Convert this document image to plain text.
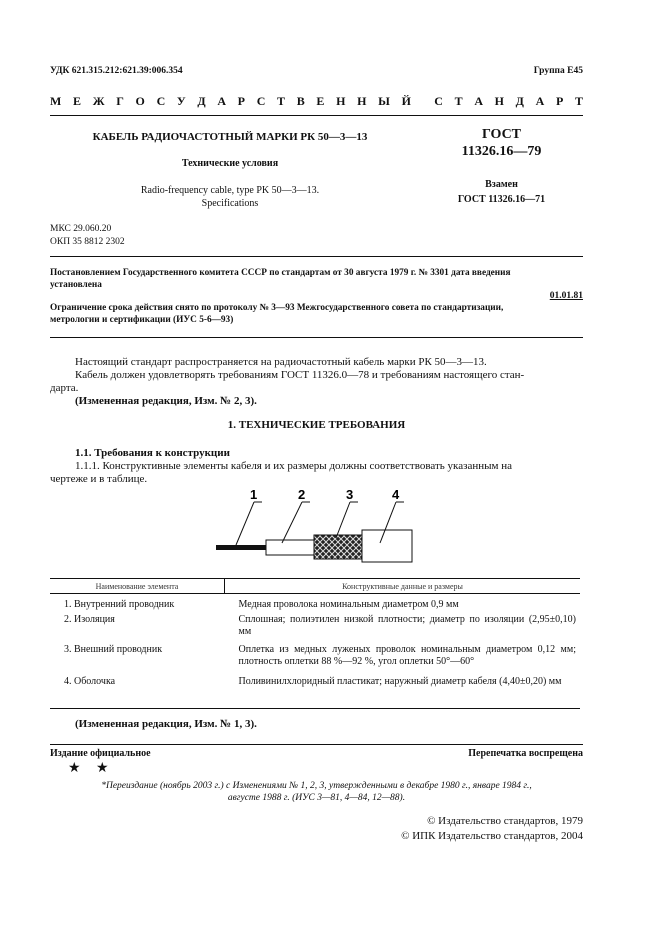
УДК 621.315.212:621.39:006.354	Группа Е45
М Е Ж Г О С У Д А Р С Т В Е Н Н Ы Й С Т А Н Д А Р Т
КАБЕЛЬ РАДИОЧАСТОТНЫЙ МАРКИ РК 50—3—13
Технические условия
Radio-frequency cable, type PK 50—3—13.
Specifications
ГОСТ
11326.16—79
Взамен
ГОСТ 11326.16—71
МКС 29.060.20
ОКП 35 8812 2302
Постановлением Государственного комитета СССР по стандартам от 30 августа 1979 г. № 3301 дата введения
установлена
01.01.81
Ограничение срока действия снято по протоколу № 3—93 Межгосударственного совета по стандартизации,
метрологии и сертификации (ИУС 5-6—93)
Настоящий стандарт распространяется на радиочастотный кабель марки РК 50—3—13.
Кабель должен удовлетворять требованиям ГОСТ 11326.0—78 и требованиям настоящего стан-
дарта.
(Измененная редакция, Изм. № 2, 3).
1. ТЕХНИЧЕСКИЕ ТРЕБОВАНИЯ
1.1. Требования к конструкции
1.1.1. Конструктивные элементы кабеля и их размеры должны соответствовать указанным на
чертеже и в таблице.
1	2	3	4
Наименование элемента	Конструктивные данные и размеры
1. Внутренний проводник	Медная проволока номинальным диаметром 0,9 мм
2. Изоляция	Сплошная; полиэтилен низкой плотности; диаметр по изоляции (2,95±0,10) мм
3. Внешний проводник	Оплетка из медных луженых проволок номинальным диаметром 0,12 мм; плотность оплетки 88 %—92 %, угол оплетки 50°—60°
4. Оболочка	Поливинилхлоридный пластикат; наружный диаметр кабеля (4,40±0,20) мм
(Измененная редакция, Изм. № 1, 3).
Издание официальное	Перепечатка воспрещена
★ ★
*Переиздание (ноябрь 2003 г.) с Изменениями № 1, 2, 3, утвержденными в декабре 1980 г., январе 1984 г.,
августе 1988 г. (ИУС 3—81, 4—84, 12—88).
© Издательство стандартов, 1979
© ИПК Издательство стандартов, 2004
